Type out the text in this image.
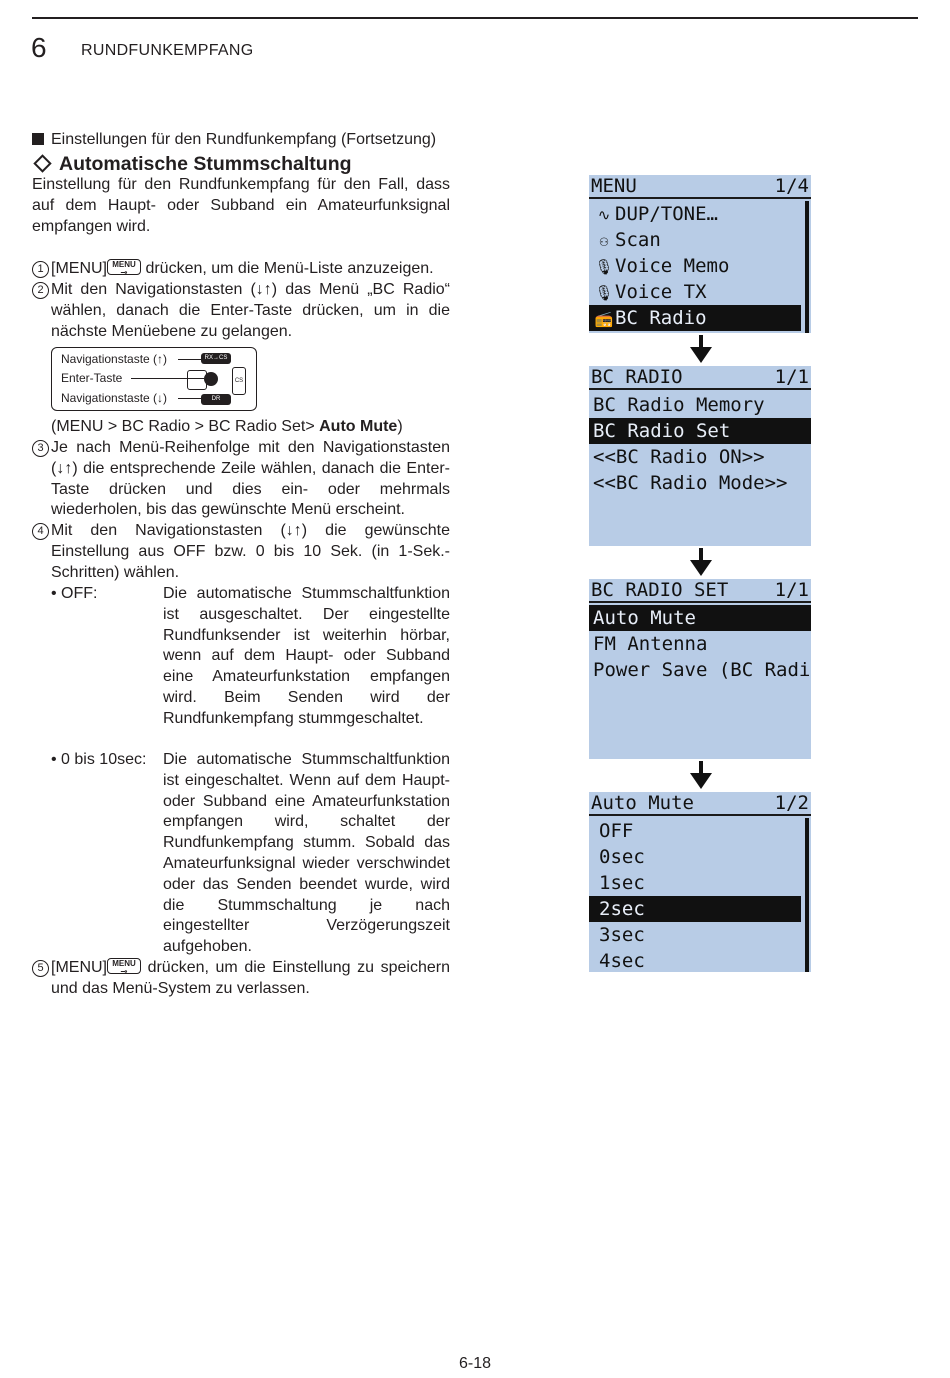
6 RUNDFUNKEMPFANG
Einstellungen für den Rundfunkempfang (Fortsetzung)
Automatische Stummschaltung
Einstellung für den Rundfunkempfang für den Fall, dass auf dem Haupt- oder Subband ein Amateurfunksignal empfangen wird.
1 [MENU] MENU
⊸ drücken, um die Menü-Liste anzuzeigen.
2 Mit den Navigationstasten (↓↑) das Menü „BC Radio“ wählen, danach die Enter-Taste drücken, um in die nächste Menüebene zu gelangen.
Navigationstaste (↑)
Enter-Taste
Navigationstaste (↓)
RX→CS
CS
DR
(MENU > BC Radio > BC Radio Set> Auto Mute)
3 Je nach Menü-Reihenfolge mit den Navigationstasten (↓↑) die entsprechende Zeile wählen, danach die Enter-Taste drücken und dies ein- oder mehrmals wiederholen, bis das gewünschte Menü erscheint.
4 Mit den Navigationstasten (↓↑) die gewünschte Einstellung aus OFF bzw. 0 bis 10 Sek. (in 1-Sek.-Schritten) wählen.
• OFF:	Die automatische Stummschaltfunktion ist ausgeschaltet. Der eingestellte Rundfunksender ist weiterhin hörbar, wenn auf dem Haupt- oder Subband eine Amateurfunkstation empfangen wird. Beim Senden wird der Rundfunkempfang stummgeschaltet.
• 0 bis 10sec: Die automatische Stummschaltfunktion ist eingeschaltet. Wenn auf dem Haupt- oder Subband eine Amateurfunkstation empfangen wird, schaltet der Rundfunkempfang stumm. Sobald das Amateurfunksignal wieder verschwindet oder das Senden beendet wurde, wird die Stummschaltung je nach eingestellter Verzögerungszeit aufgehoben.
5 [MENU] MENU
⊸ drücken, um die Einstellung zu speichern und das Menü-System zu verlassen.
MENU	1/4
∿ DUP/TONE…
⚇ Scan
🎙Voice Memo
🎙Voice TX
📻BC Radio
BC RADIO	1/1
BC Radio Memory
BC Radio Set
<<BC Radio ON>>
<<BC Radio Mode>>
BC RADIO SET 1/1
Auto Mute
FM Antenna
Power Save (BC Radi
Auto Mute	1/2
OFF
0sec
1sec
2sec
3sec
4sec
6-18
